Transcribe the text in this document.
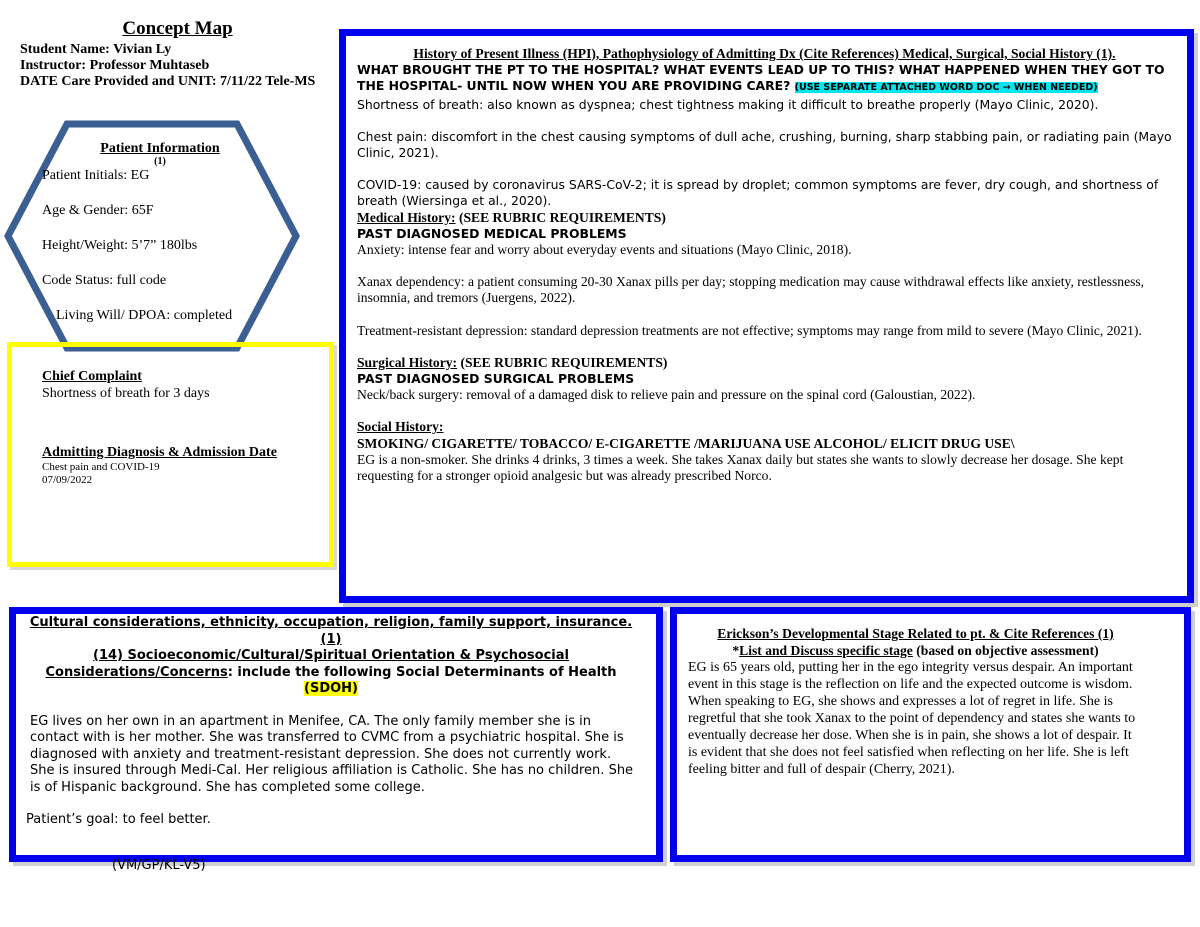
Concept Map
Student Name: Vivian Ly
Instructor: Professor Muhtaseb
DATE Care Provided and UNIT: 7/11/22 Tele-MS
Patient Information
(1)
Patient Initials: EG
Age & Gender: 65F
Height/Weight: 5’7” 180lbs
Code Status: full code
Living Will/ DPOA: completed
Chief Complaint
Shortness of breath for 3 days
Admitting Diagnosis & Admission Date
Chest pain and COVID-19
07/09/2022
History of Present Illness (HPI), Pathophysiology of Admitting Dx (Cite References) Medical, Surgical, Social History (1).
WHAT BROUGHT THE PT TO THE HOSPITAL? WHAT EVENTS LEAD UP TO THIS? WHAT HAPPENED WHEN THEY GOT TO THE HOSPITAL- UNTIL NOW WHEN YOU ARE PROVIDING CARE? (USE SEPARATE ATTACHED WORD DOC → WHEN NEEDED)
Shortness of breath: also known as dyspnea; chest tightness making it difficult to breathe properly (Mayo Clinic, 2020).
Chest pain: discomfort in the chest causing symptoms of dull ache, crushing, burning, sharp stabbing pain, or radiating pain (Mayo Clinic, 2021).
COVID-19: caused by coronavirus SARS-CoV-2; it is spread by droplet; common symptoms are fever, dry cough, and shortness of breath (Wiersinga et al., 2020).
Medical History: (SEE RUBRIC REQUIREMENTS)
PAST DIAGNOSED MEDICAL PROBLEMS
Anxiety: intense fear and worry about everyday events and situations (Mayo Clinic, 2018).
Xanax dependency: a patient consuming 20-30 Xanax pills per day; stopping medication may cause withdrawal effects like anxiety, restlessness, insomnia, and tremors (Juergens, 2022).
Treatment-resistant depression: standard depression treatments are not effective; symptoms may range from mild to severe (Mayo Clinic, 2021).
Surgical History: (SEE RUBRIC REQUIREMENTS)
PAST DIAGNOSED SURGICAL PROBLEMS
Neck/back surgery: removal of a damaged disk to relieve pain and pressure on the spinal cord (Galoustian, 2022).
Social History:
SMOKING/ CIGARETTE/ TOBACCO/ E-CIGARETTE /MARIJUANA USE ALCOHOL/ ELICIT DRUG USE\
EG is a non-smoker. She drinks 4 drinks, 3 times a week. She takes Xanax daily but states she wants to slowly decrease her dosage. She kept requesting for a stronger opioid analgesic but was already prescribed Norco.
Cultural considerations, ethnicity, occupation, religion, family support, insurance. (1)
(14) Socioeconomic/Cultural/Spiritual Orientation & Psychosocial
Considerations/Concerns: include the following Social Determinants of Health (SDOH)
EG lives on her own in an apartment in Menifee, CA. The only family member she is in contact with is her mother. She was transferred to CVMC from a psychiatric hospital. She is diagnosed with anxiety and treatment-resistant depression. She does not currently work. She is insured through Medi-Cal. Her religious affiliation is Catholic. She has no children. She is of Hispanic background. She has completed some college.
Patient’s goal: to feel better.
Erickson’s Developmental Stage Related to pt. & Cite References (1)
*List and Discuss specific stage (based on objective assessment)
EG is 65 years old, putting her in the ego integrity versus despair. An important event in this stage is the reflection on life and the expected outcome is wisdom. When speaking to EG, she shows and expresses a lot of regret in life. She is regretful that she took Xanax to the point of dependency and states she wants to eventually decrease her dose. When she is in pain, she shows a lot of despair. It is evident that she does not feel satisfied when reflecting on her life. She is left feeling bitter and full of despair (Cherry, 2021).
(VM/GP/KL-V5)
